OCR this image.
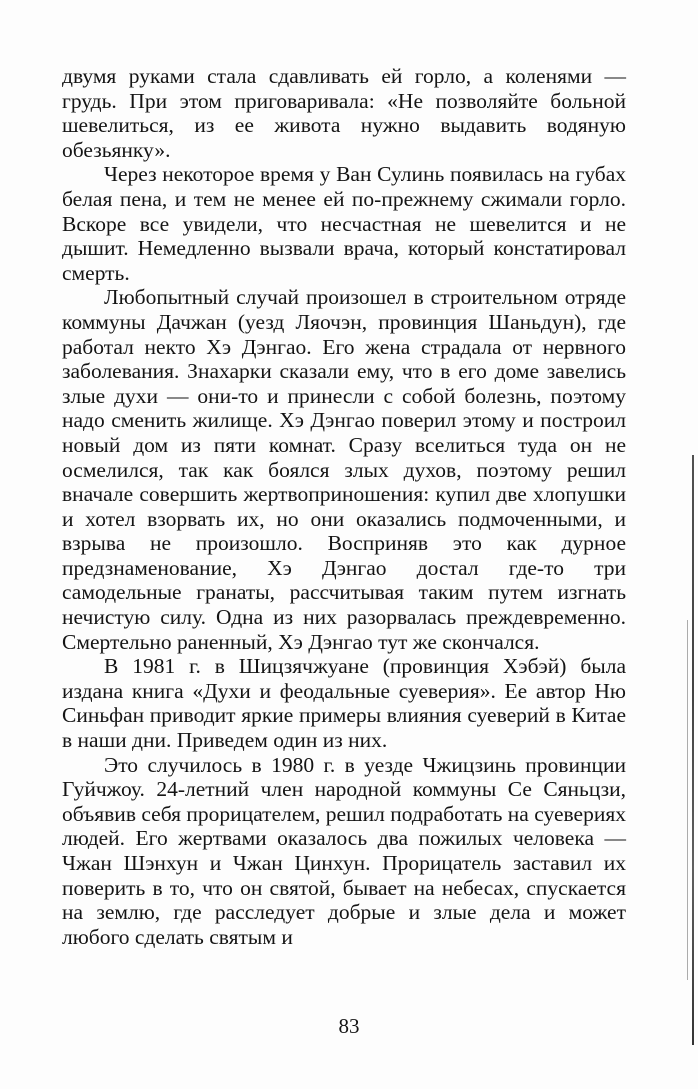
двумя руками стала сдавливать ей горло, а коленями — грудь. При этом приговаривала: «Не позволяйте больной шевелиться, из ее живота нужно выдавить водяную обезьянку».

Через некоторое время у Ван Сулинь появилась на губах белая пена, и тем не менее ей по-прежнему сжимали горло. Вскоре все увидели, что несчастная не шевелится и не дышит. Немедленно вызвали врача, который констатировал смерть.

Любопытный случай произошел в строительном отряде коммуны Дачжан (уезд Ляочэн, провинция Шаньдун), где работал некто Хэ Дэнгао. Его жена страдала от нервного заболевания. Знахарки сказали ему, что в его доме завелись злые духи — они-то и принесли с собой болезнь, поэтому надо сменить жилище. Хэ Дэнгао поверил этому и построил новый дом из пяти комнат. Сразу вселиться туда он не осмелился, так как боялся злых духов, поэтому решил вначале совершить жертвоприношения: купил две хлопушки и хотел взорвать их, но они оказались подмоченными, и взрыва не произошло. Восприняв это как дурное предзнаменование, Хэ Дэнгао достал где-то три самодельные гранаты, рассчитывая таким путем изгнать нечистую силу. Одна из них разорвалась преждевременно. Смертельно раненный, Хэ Дэнгао тут же скончался.

В 1981 г. в Шицзячжуане (провинция Хэбэй) была издана книга «Духи и феодальные суеверия». Ее автор Ню Синьфан приводит яркие примеры влияния суеверий в Китае в наши дни. Приведем один из них.

Это случилось в 1980 г. в уезде Чжицзинь провинции Гуйчжоу. 24-летний член народной коммуны Се Сяньцзи, объявив себя прорицателем, решил подработать на суевериях людей. Его жертвами оказалось два пожилых человека — Чжан Шэнхун и Чжан Цинхун. Прорицатель заставил их поверить в то, что он святой, бывает на небесах, спускается на землю, где расследует добрые и злые дела и может любого сделать святым и

83
